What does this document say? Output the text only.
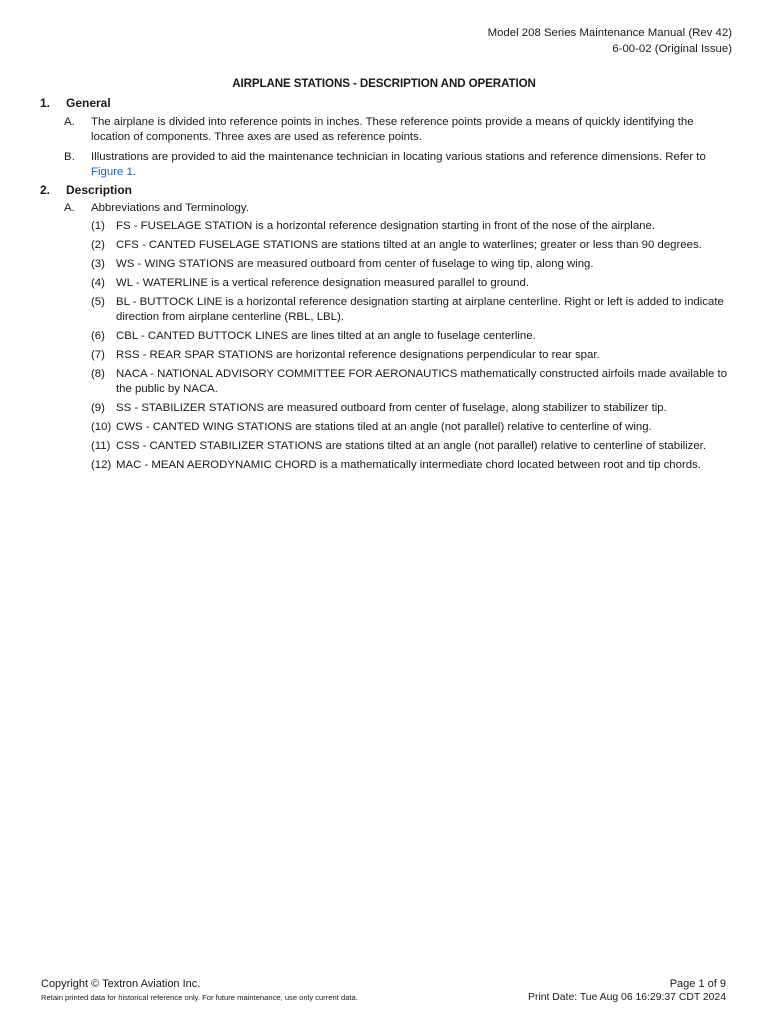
Model 208 Series Maintenance Manual (Rev 42)
6-00-02 (Original Issue)
AIRPLANE STATIONS - DESCRIPTION AND OPERATION
1.	General
A.	The airplane is divided into reference points in inches. These reference points provide a means of quickly identifying the location of components. Three axes are used as reference points.
B.	Illustrations are provided to aid the maintenance technician in locating various stations and reference dimensions. Refer to Figure 1.
2.	Description
A.	Abbreviations and Terminology.
(1) FS - FUSELAGE STATION is a horizontal reference designation starting in front of the nose of the airplane.
(2) CFS - CANTED FUSELAGE STATIONS are stations tilted at an angle to waterlines; greater or less than 90 degrees.
(3) WS - WING STATIONS are measured outboard from center of fuselage to wing tip, along wing.
(4) WL - WATERLINE is a vertical reference designation measured parallel to ground.
(5) BL - BUTTOCK LINE is a horizontal reference designation starting at airplane centerline. Right or left is added to indicate direction from airplane centerline (RBL, LBL).
(6) CBL - CANTED BUTTOCK LINES are lines tilted at an angle to fuselage centerline.
(7) RSS - REAR SPAR STATIONS are horizontal reference designations perpendicular to rear spar.
(8) NACA - NATIONAL ADVISORY COMMITTEE FOR AERONAUTICS mathematically constructed airfoils made available to the public by NACA.
(9) SS - STABILIZER STATIONS are measured outboard from center of fuselage, along stabilizer to stabilizer tip.
(10) CWS - CANTED WING STATIONS are stations tiled at an angle (not parallel) relative to centerline of wing.
(11) CSS - CANTED STABILIZER STATIONS are stations tilted at an angle (not parallel) relative to centerline of stabilizer.
(12) MAC - MEAN AERODYNAMIC CHORD is a mathematically intermediate chord located between root and tip chords.
Copyright © Textron Aviation Inc.
Retain printed data for historical reference only. For future maintenance, use only current data.
Page 1 of 9
Print Date: Tue Aug 06 16:29:37 CDT 2024
